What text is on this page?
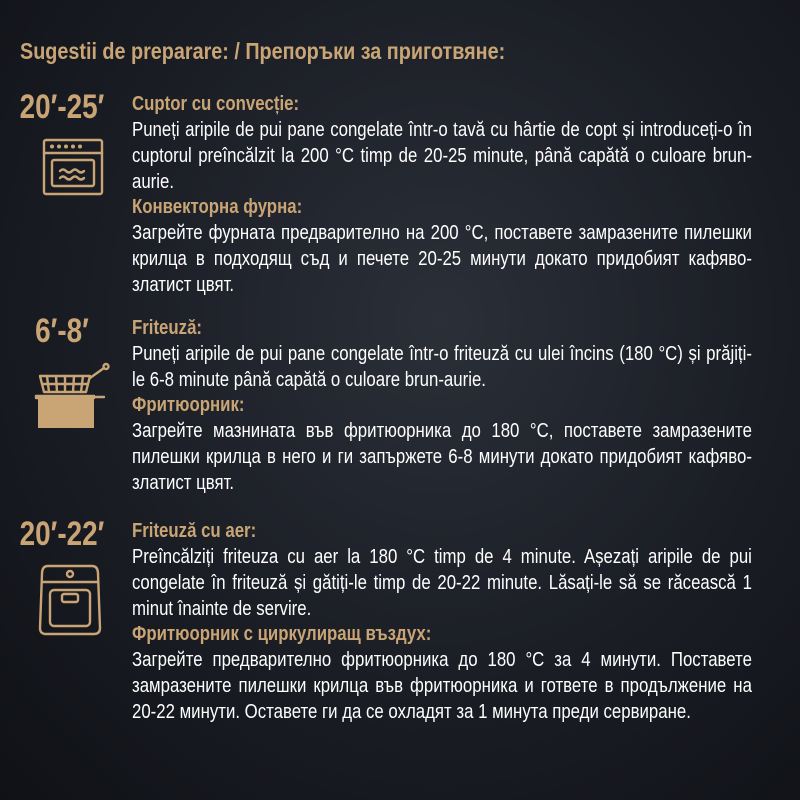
Sugestii de preparare: / Препоръки за приготвяне:
20′-25′	Cuptor cu convecție:

Puneți aripile de pui pane congelate într-o tavă cu hârtie de copt și introduceți-o în cuptorul preîncălzit la 200 °C timp de 20-25 minute, până capătă o culoare brun-aurie.

Конвекторна фурна:

Загрейте фурната предварително на 200 °C, поставете замразените пилешки крилца в подходящ съд и печете 20-25 минути докато придобият кафяво-златист цвят.

6′-8′	Friteuză:

Puneți aripile de pui pane congelate într-o friteuză cu ulei încins (180 °C) și prăjiți-le 6-8 minute până capătă o culoare brun-aurie.

Фритюорник:

Загрейте мазнината във фритюорника до 180 °C, поставете замразените пилешки крилца в него и ги запържете 6-8 минути докато придобият кафяво- златист цвят.

20′-22′	Friteuză cu aer:

Preîncălziți friteuza cu aer la 180 °C timp de 4 minute. Așezați aripile de pui congelate în friteuză și gătiți-le timp de 20-22 minute. Lăsați-le să se răcească 1 minut înainte de servire.

Фритюорник с циркулиращ въздух:

Загрейте предварително фритюорника до 180 °C за 4 минути. Поставете замразените пилешки крилца във фритюорника и гответе в продължение на 20-22 минути. Оставете ги да се охладят за 1 минута преди сервиране.
